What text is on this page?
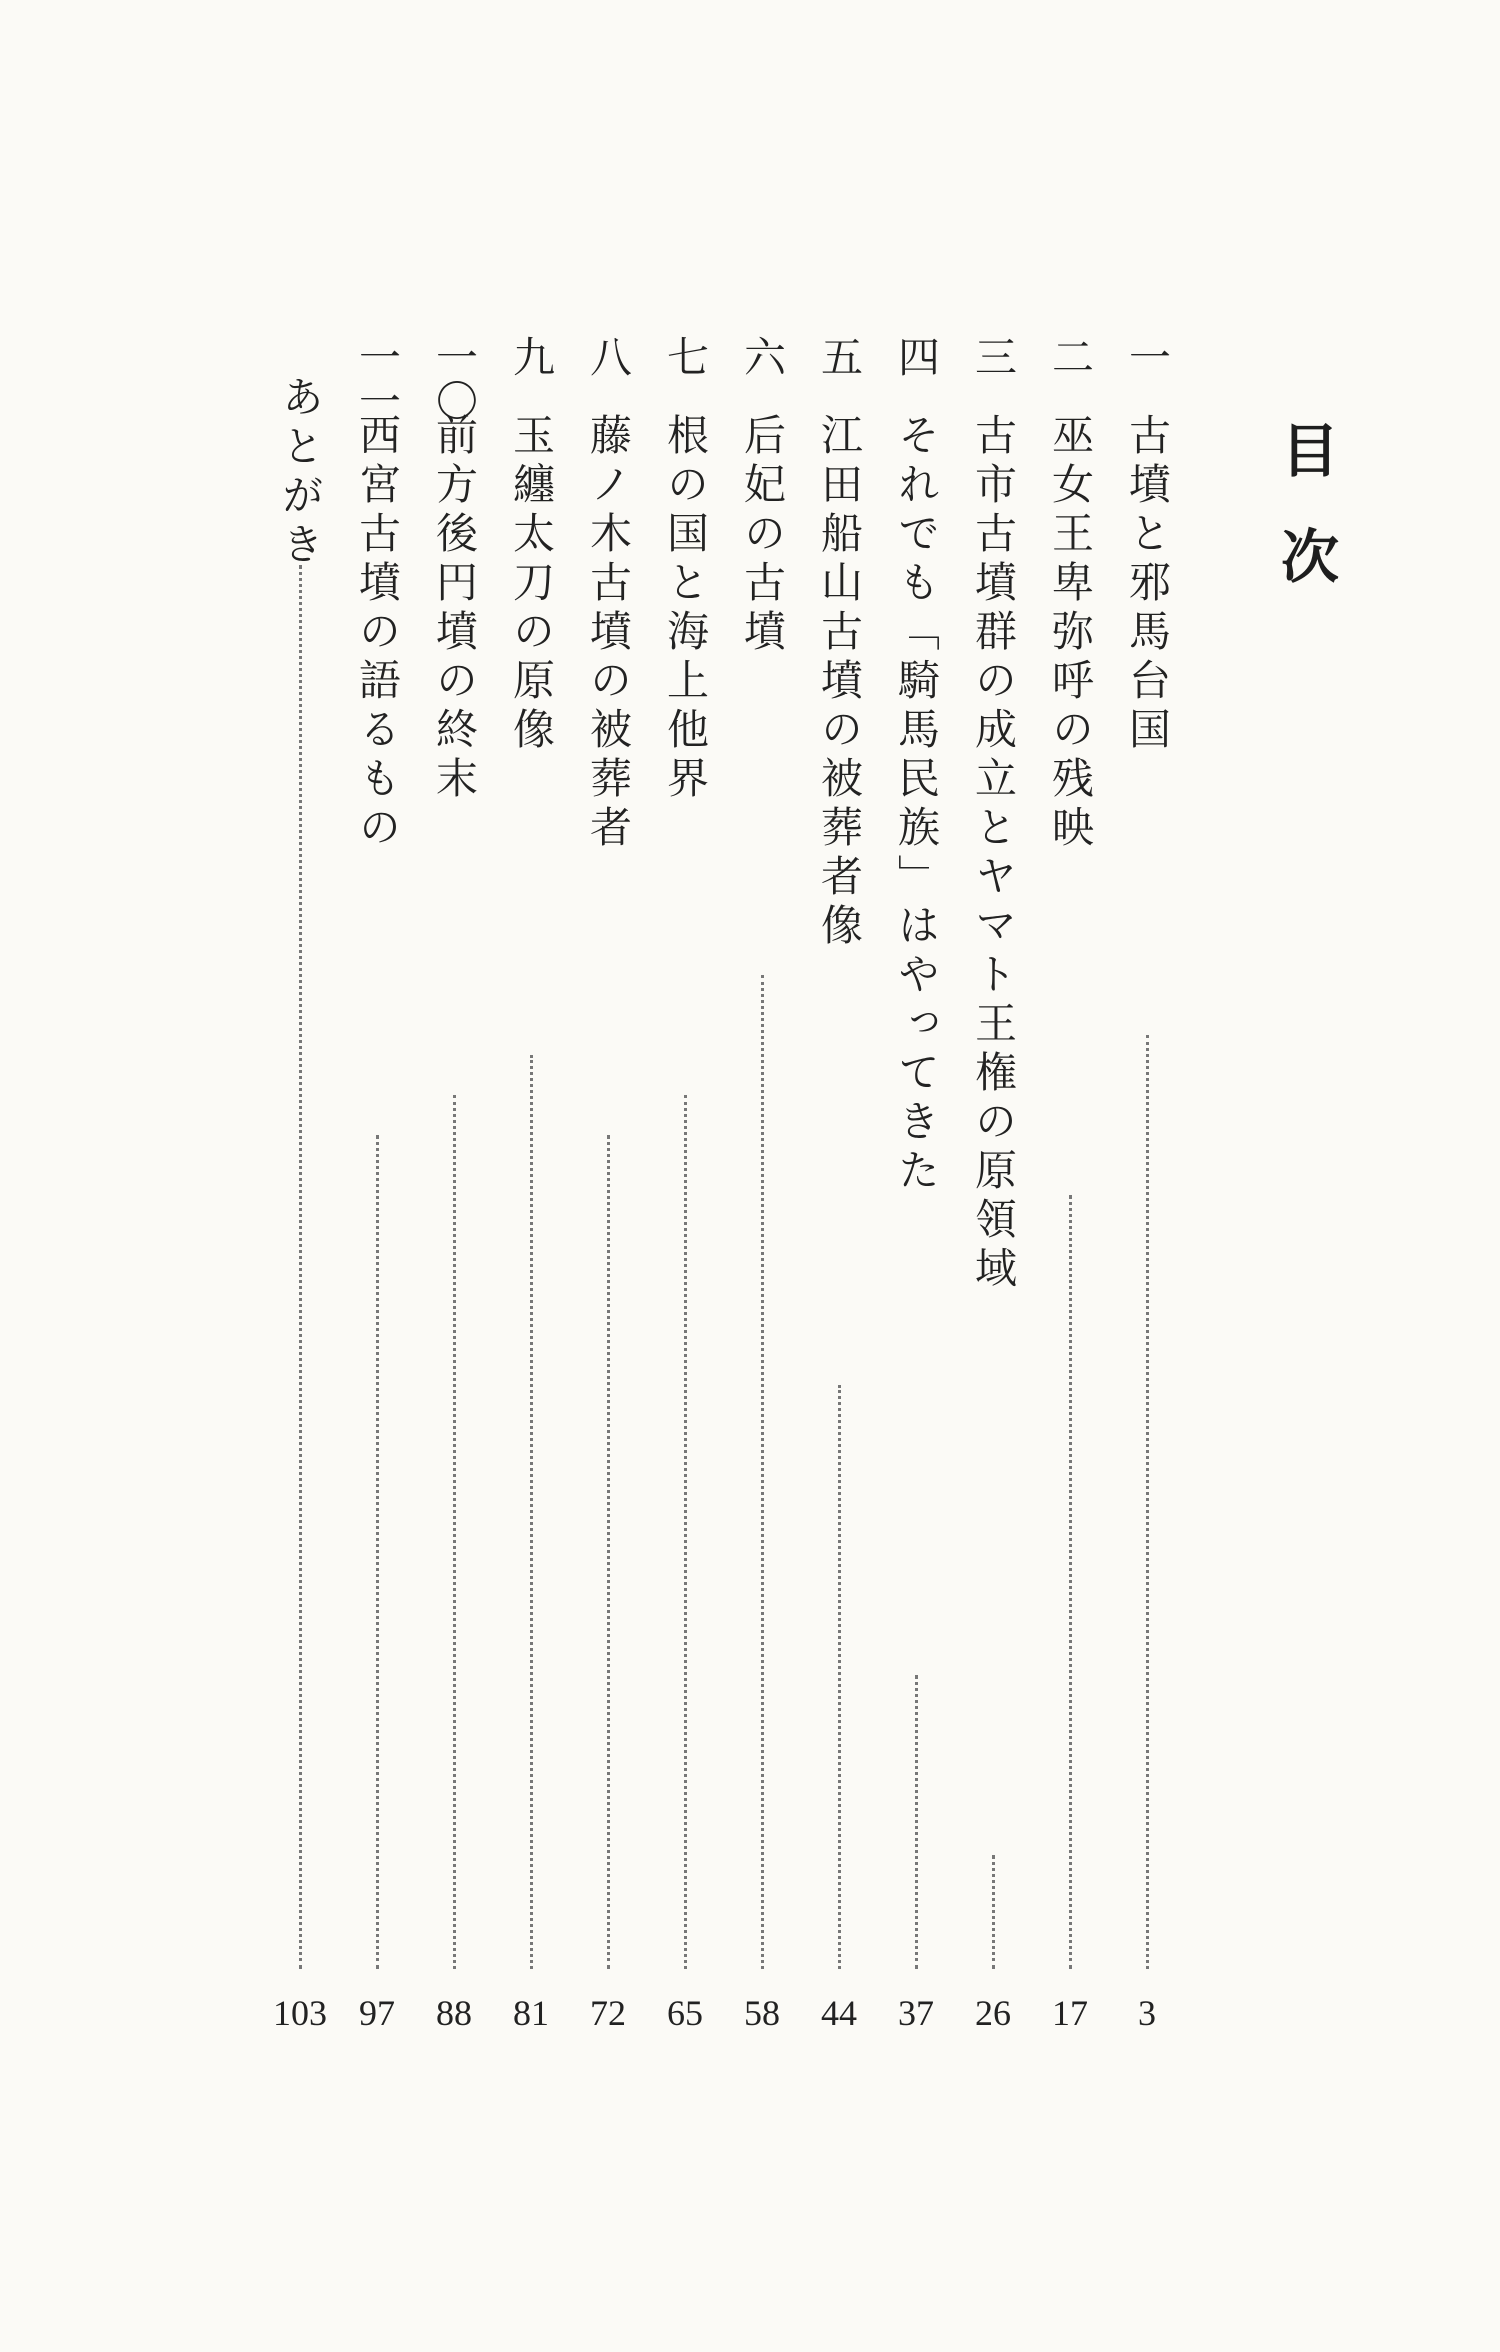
目次
一
古墳と邪馬台国
3
二
巫女王卑弥呼の残映
17
三
古市古墳群の成立とヤマト王権の原領域
26
四
それでも「騎馬民族」はやってきた
37
五
江田船山古墳の被葬者像
44
六
后妃の古墳
58
七
根の国と海上他界
65
八
藤ノ木古墳の被葬者
72
九
玉纏太刀の原像
81
一〇
前方後円墳の終末
88
一一
西宮古墳の語るもの
97
あとがき
103
